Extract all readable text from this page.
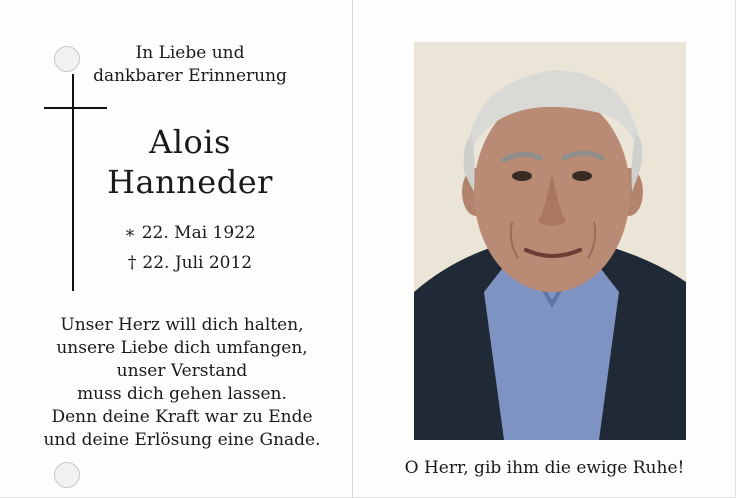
In Liebe und
dankbarer Erinnerung
Alois
Hanneder
∗ 22. Mai 1922
† 22. Juli 2012
Unser Herz will dich halten,
unsere Liebe dich umfangen,
unser Verstand
muss dich gehen lassen.
Denn deine Kraft war zu Ende
und deine Erlösung eine Gnade.
O Herr, gib ihm die ewige Ruhe!
